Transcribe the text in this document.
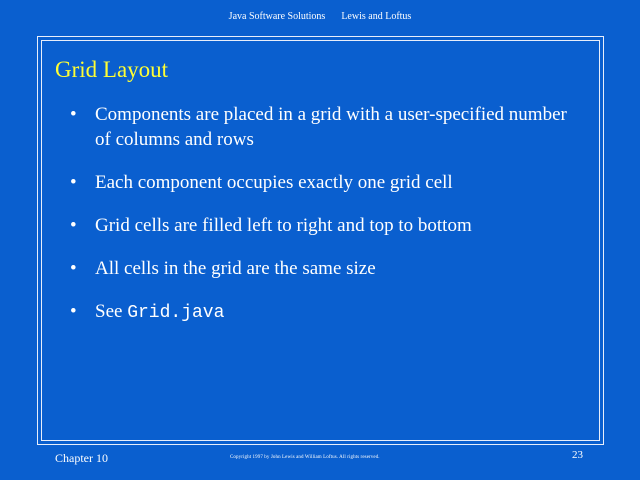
Java Software Solutions Lewis and Loftus
Grid Layout
• Components are placed in a grid with a user-specified number of columns and rows
• Each component occupies exactly one grid cell
• Grid cells are filled left to right and top to bottom
• All cells in the grid are the same size
• See Grid.java
Chapter 10	Copyright 1997 by John Lewis and William Loftus. All rights reserved.	23
